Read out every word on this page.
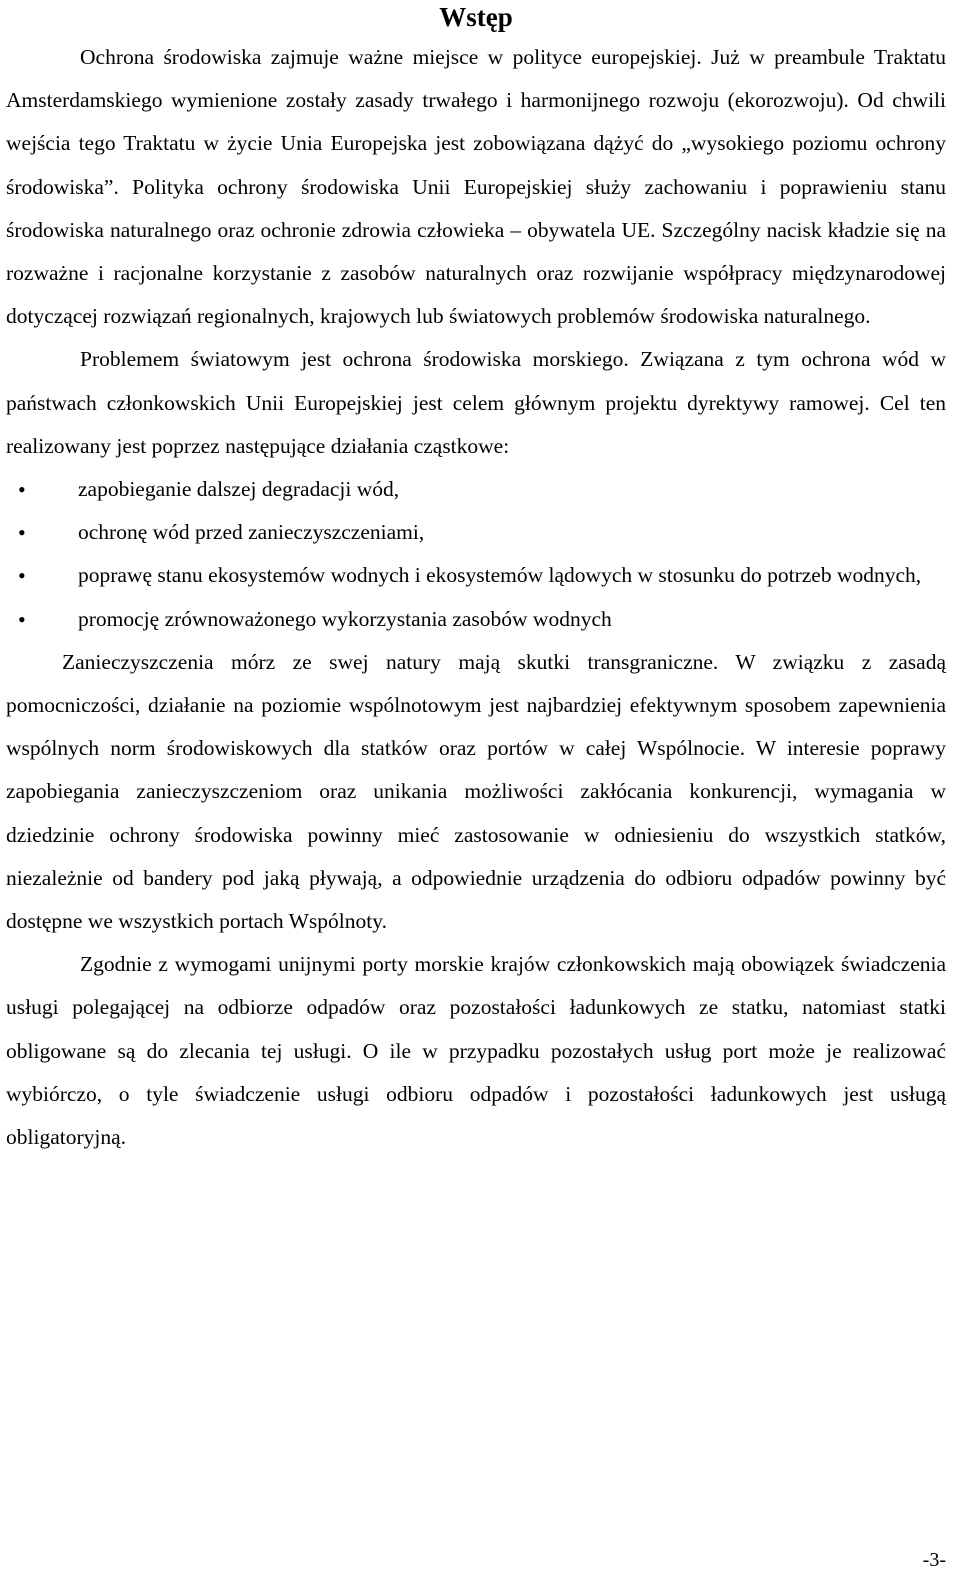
Wstęp

Ochrona środowiska zajmuje ważne miejsce w polityce europejskiej. Już w preambule Traktatu Amsterdamskiego wymienione zostały zasady trwałego i harmonijnego rozwoju (ekorozwoju). Od chwili wejścia tego Traktatu w życie Unia Europejska jest zobowiązana dążyć do „wysokiego poziomu ochrony środowiska”. Polityka ochrony środowiska Unii Europejskiej służy zachowaniu i poprawieniu stanu środowiska naturalnego oraz ochronie zdrowia człowieka – obywatela UE. Szczególny nacisk kładzie się na rozważne i racjonalne korzystanie z zasobów naturalnych oraz rozwijanie współpracy międzynarodowej dotyczącej rozwiązań regionalnych, krajowych lub światowych problemów środowiska naturalnego.

Problemem światowym jest ochrona środowiska morskiego. Związana z tym ochrona wód w państwach członkowskich Unii Europejskiej jest celem głównym projektu dyrektywy ramowej. Cel ten realizowany jest poprzez następujące działania cząstkowe:

• zapobieganie dalszej degradacji wód,
• ochronę wód przed zanieczyszczeniami,
• poprawę stanu ekosystemów wodnych i ekosystemów lądowych w stosunku do potrzeb wodnych,
• promocję zrównoważonego wykorzystania zasobów wodnych

Zanieczyszczenia mórz ze swej natury mają skutki transgraniczne. W związku z zasadą pomocniczości, działanie na poziomie wspólnotowym jest najbardziej efektywnym sposobem zapewnienia wspólnych norm środowiskowych dla statków oraz portów w całej Wspólnocie. W interesie poprawy zapobiegania zanieczyszczeniom oraz unikania możliwości zakłócania konkurencji, wymagania w dziedzinie ochrony środowiska powinny mieć zastosowanie w odniesieniu do wszystkich statków, niezależnie od bandery pod jaką pływają, a odpowiednie urządzenia do odbioru odpadów powinny być dostępne we wszystkich portach Wspólnoty.

Zgodnie z wymogami unijnymi porty morskie krajów członkowskich mają obowiązek świadczenia usługi polegającej na odbiorze odpadów oraz pozostałości ładunkowych ze statku, natomiast statki obligowane są do zlecania tej usługi. O ile w przypadku pozostałych usług port może je realizować wybiórczo, o tyle świadczenie usługi odbioru odpadów i pozostałości ładunkowych jest usługą obligatoryjną.

-3-
